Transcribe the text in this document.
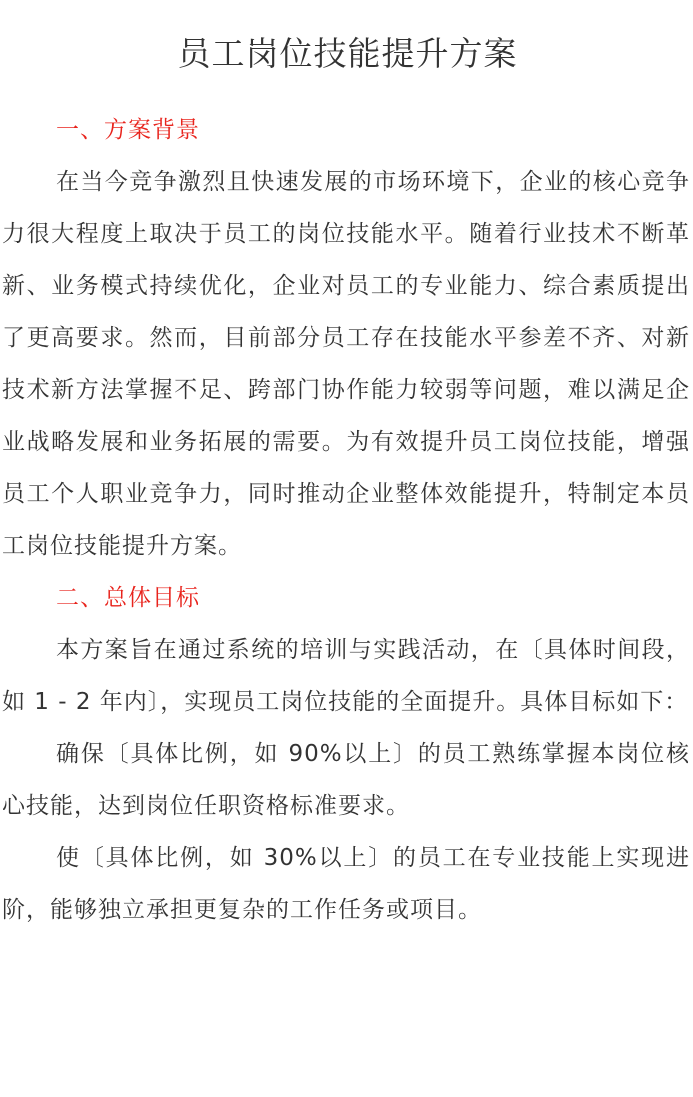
员工岗位技能提升方案
一、方案背景

在当今竞争激烈且快速发展的市场环境下，企业的核心竞争力很大程度上取决于员工的岗位技能水平。随着行业技术不断革新、业务模式持续优化，企业对员工的专业能力、综合素质提出了更高要求。然而，目前部分员工存在技能水平参差不齐、对新技术新方法掌握不足、跨部门协作能力较弱等问题，难以满足企业战略发展和业务拓展的需要。为有效提升员工岗位技能，增强员工个人职业竞争力，同时推动企业整体效能提升，特制定本员工岗位技能提升方案。

二、总体目标

本方案旨在通过系统的培训与实践活动，在〔具体时间段，如 1 - 2 年内〕，实现员工岗位技能的全面提升。具体目标如下：

确保〔具体比例，如 90%以上〕的员工熟练掌握本岗位核心技能，达到岗位任职资格标准要求。

使〔具体比例，如 30%以上〕的员工在专业技能上实现进阶，能够独立承担更复杂的工作任务或项目。
